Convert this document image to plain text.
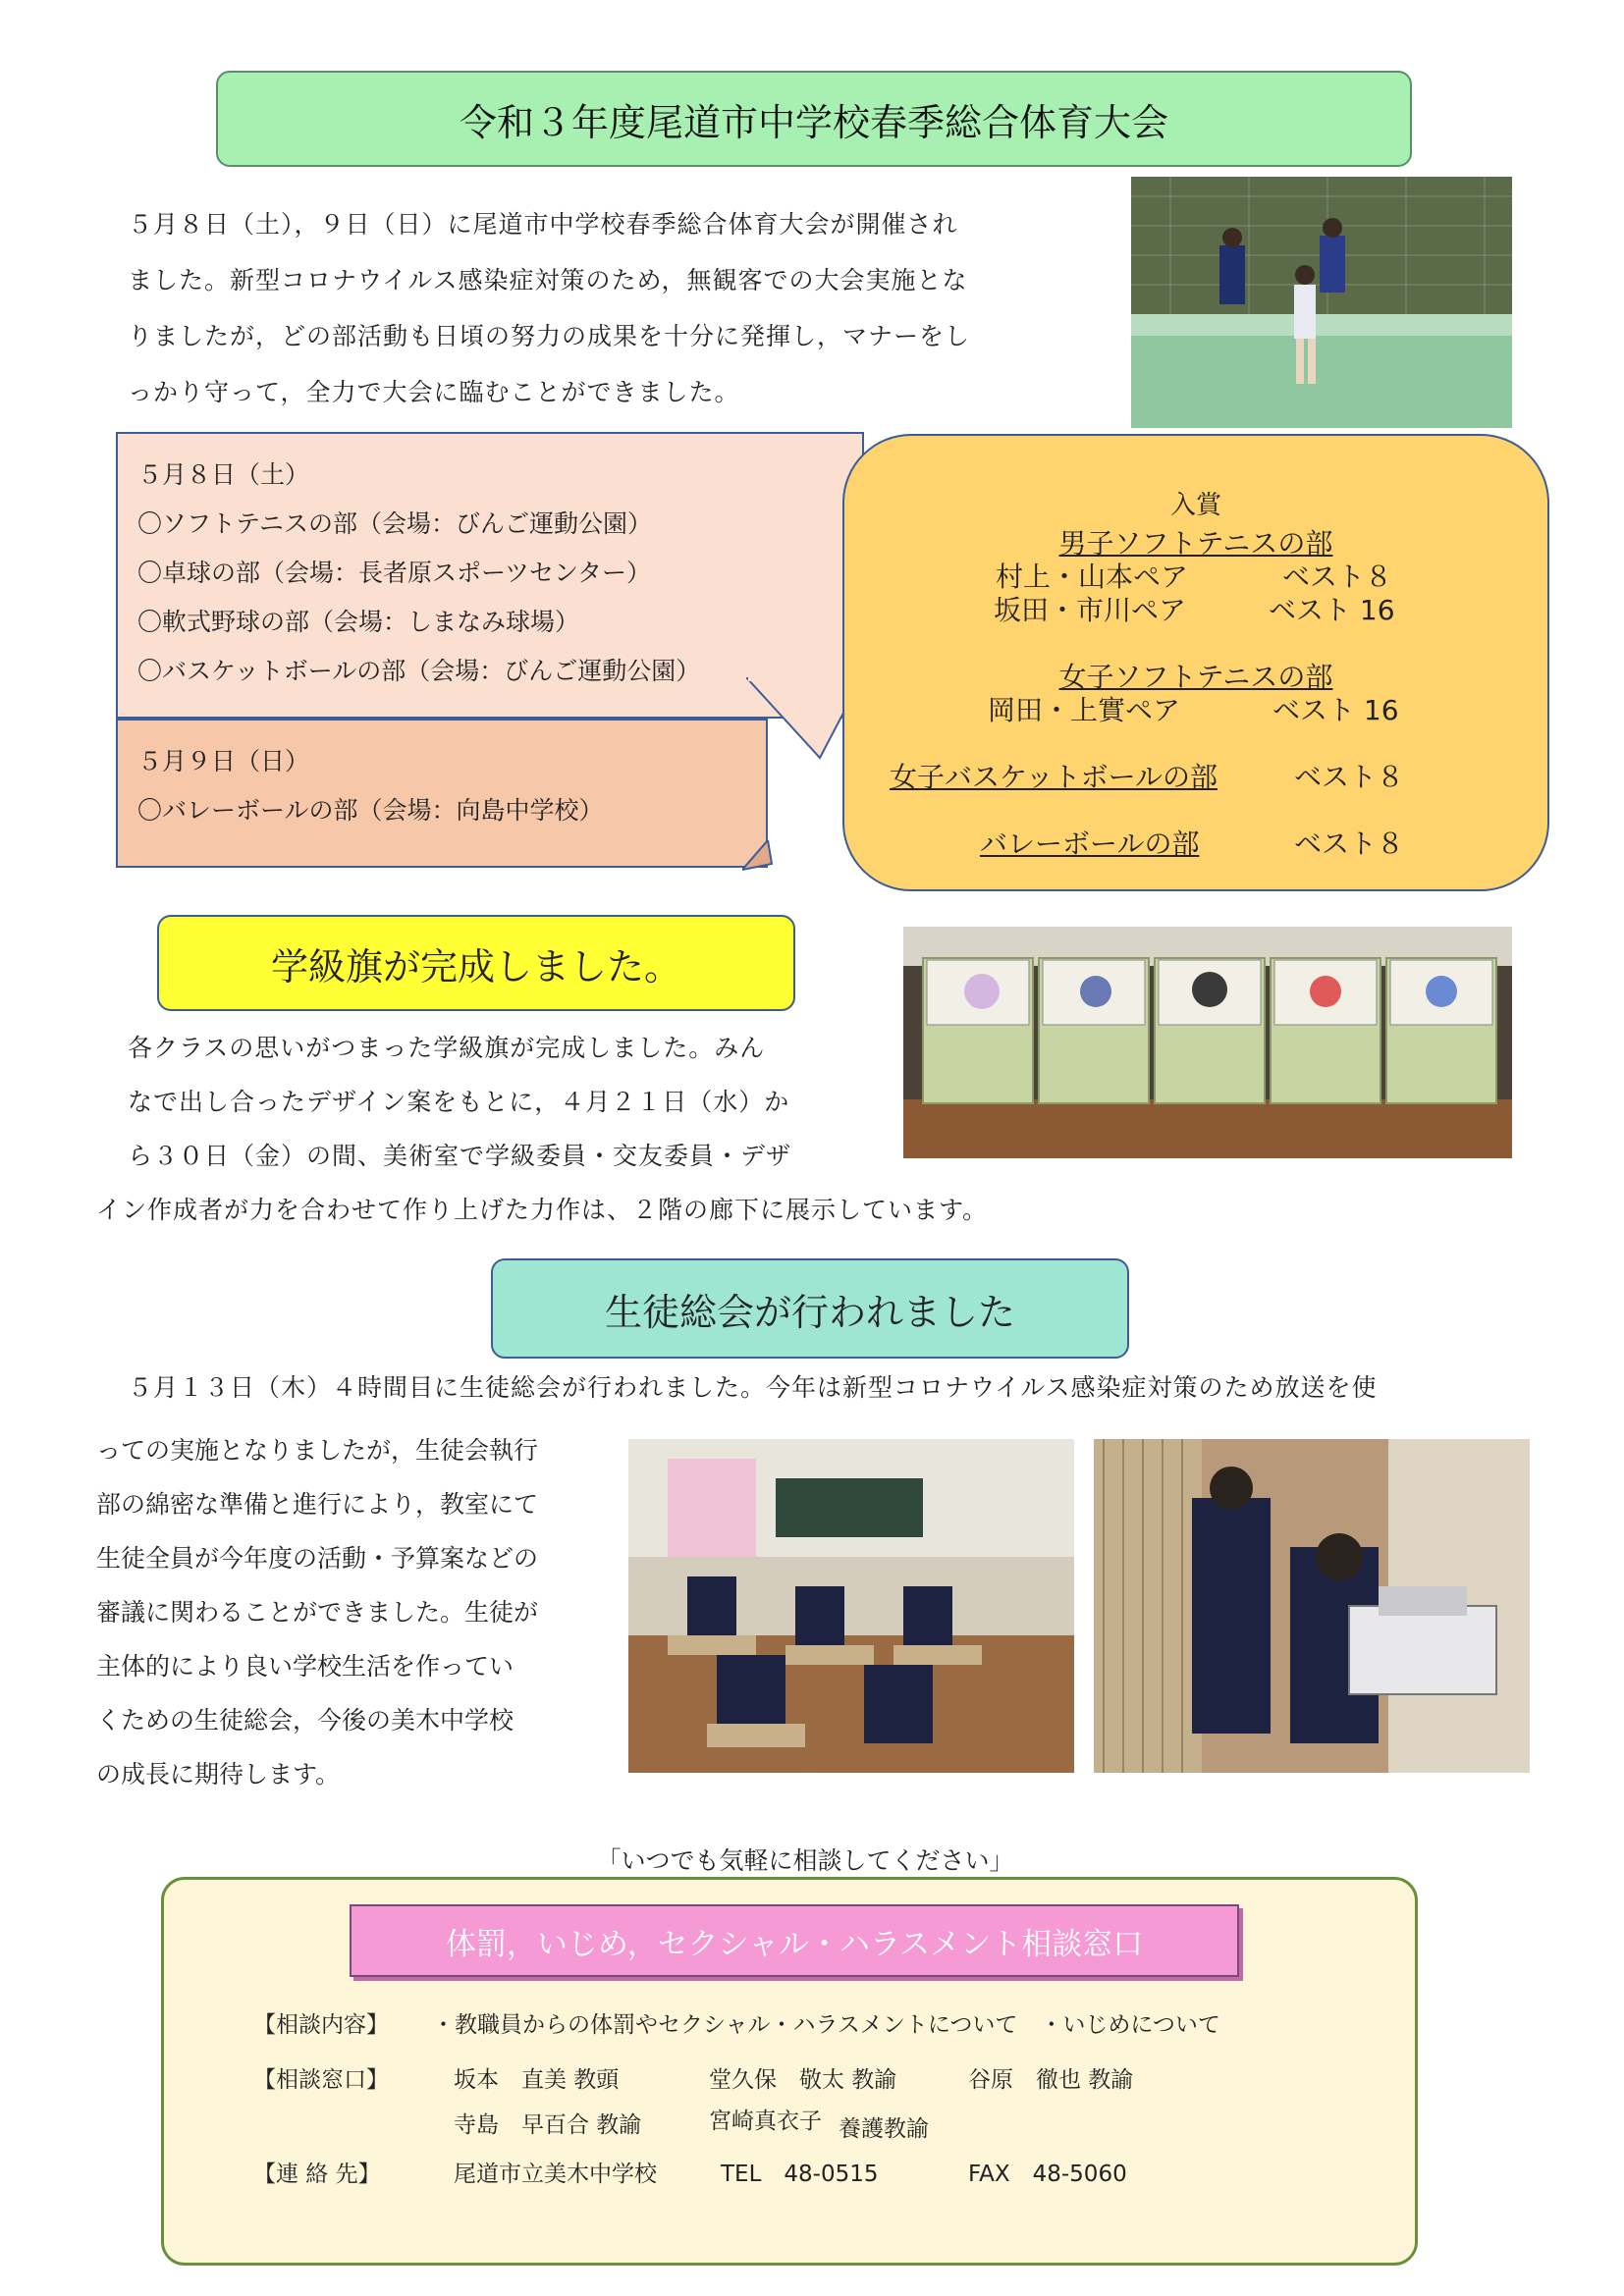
令和３年度尾道市中学校春季総合体育大会
５月８日（土），９日（日）に尾道市中学校春季総合体育大会が開催され
ました。新型コロナウイルス感染症対策のため，無観客での大会実施とな
りましたが，どの部活動も日頃の努力の成果を十分に発揮し，マナーをし
っかり守って，全力で大会に臨むことができました。
５月８日（土）
〇ソフトテニスの部（会場：びんご運動公園）
〇卓球の部（会場：長者原スポーツセンター）
〇軟式野球の部（会場：しまなみ球場）
〇バスケットボールの部（会場：びんご運動公園）
５月９日（日）
〇バレーボールの部（会場：向島中学校）
入賞
男子ソフトテニスの部
村上・山本ペア	ベスト８
坂田・市川ペア	ベスト 16
女子ソフトテニスの部
岡田・上實ペア	ベスト 16
女子バスケットボールの部	ベスト８
バレーボールの部	ベスト８
学級旗が完成しました。
各クラスの思いがつまった学級旗が完成しました。みん
なで出し合ったデザイン案をもとに，４月２１日（水）か
ら３０日（金）の間、美術室で学級委員・交友委員・デザ
イン作成者が力を合わせて作り上げた力作は、２階の廊下に展示しています。
生徒総会が行われました
５月１３日（木）４時間目に生徒総会が行われました。今年は新型コロナウイルス感染症対策のため放送を使
っての実施となりましたが，生徒会執行
部の綿密な準備と進行により，教室にて
生徒全員が今年度の活動・予算案などの
審議に関わることができました。生徒が
主体的により良い学校生活を作ってい
くための生徒総会，今後の美木中学校
の成長に期待します。
「いつでも気軽に相談してください」
体罰，いじめ，セクシャル・ハラスメント相談窓口
【相談内容】 ・教職員からの体罰やセクシャル・ハラスメントについて　・いじめについて
【相談窓口】	坂本　直美 教頭	堂久保　敬太 教諭	谷原　徹也 教諭
寺島　早百合 教諭	宮崎真衣子 養護教諭
【連 絡 先】	尾道市立美木中学校	TEL　48-0515	FAX　48-5060
